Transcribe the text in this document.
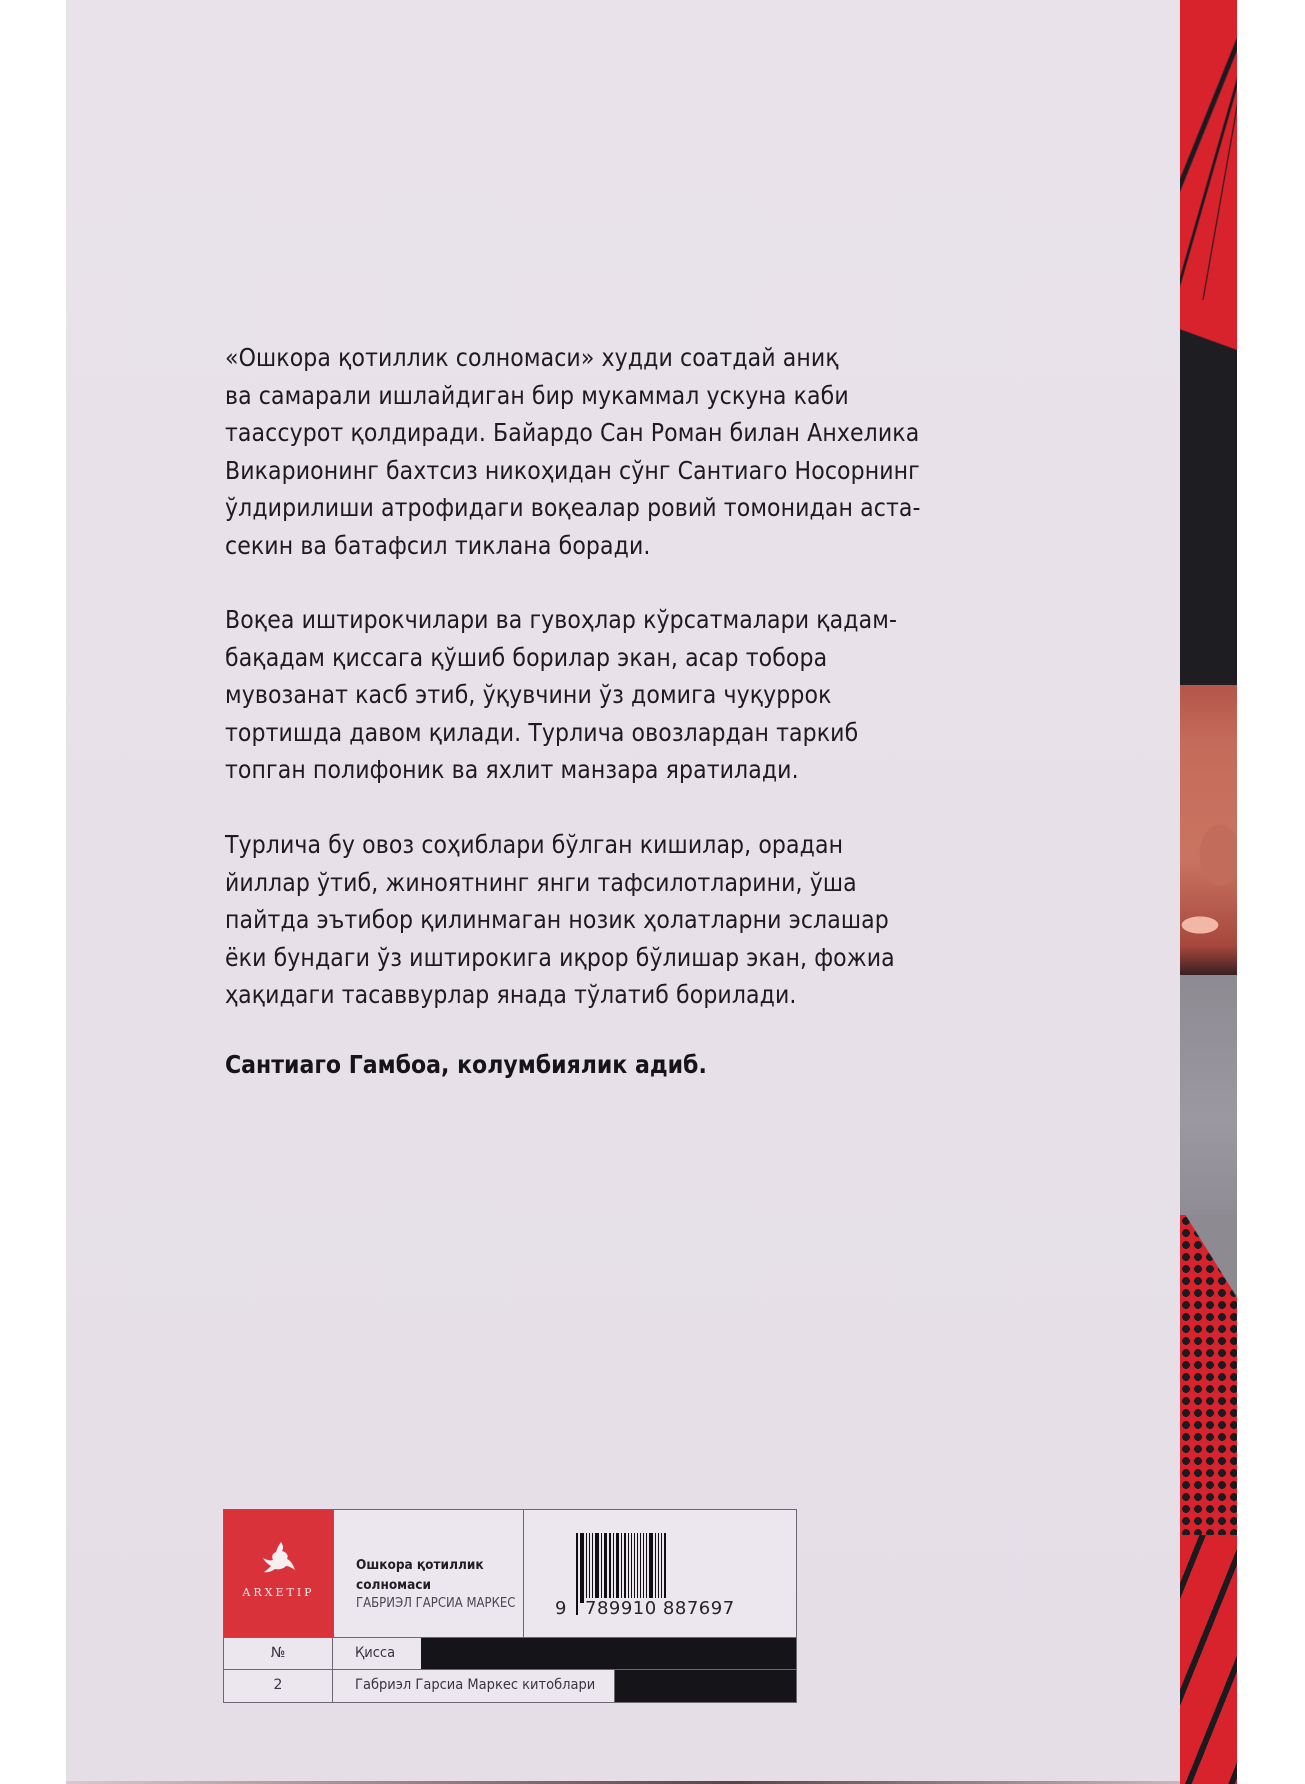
«Ошкора қотиллик солномаси» худди соатдай аниқ
ва самарали ишлайдиган бир мукаммал ускуна каби
таассурот қолдиради. Байардо Сан Роман билан Анхелика
Викарионинг бахтсиз никоҳидан сўнг Сантиаго Носорнинг
ўлдирилиши атрофидаги воқеалар ровий томонидан аста-
секин ва батафсил тиклана боради.
Воқеа иштирокчилари ва гувоҳлар кўрсатмалари қадам-
бақадам қиссага қўшиб борилар экан, асар тобора
мувозанат касб этиб, ўқувчини ўз домига чуқуррок
тортишда давом қилади. Турлича овозлардан таркиб
топган полифоник ва яхлит манзара яратилади.
Турлича бу овоз соҳиблари бўлган кишилар, орадан
йиллар ўтиб, жиноятнинг янги тафсилотларини, ўша
пайтда эътибор қилинмаган нозик ҳолатларни эслашар
ёки бундаги ўз иштирокига иқрор бўлишар экан, фожиа
ҳақидаги тасаввурлар янада тўлатиб борилади.
Сантиаго Гамбоа, колумбиялик адиб.
ARXETIP
Ошкора қотиллик
солномаси
ГАБРИЭЛ ГАРСИА МАРКЕС 9 789910 887697
№	Қисса
2	Габриэл Гарсиа Маркес китоблари
